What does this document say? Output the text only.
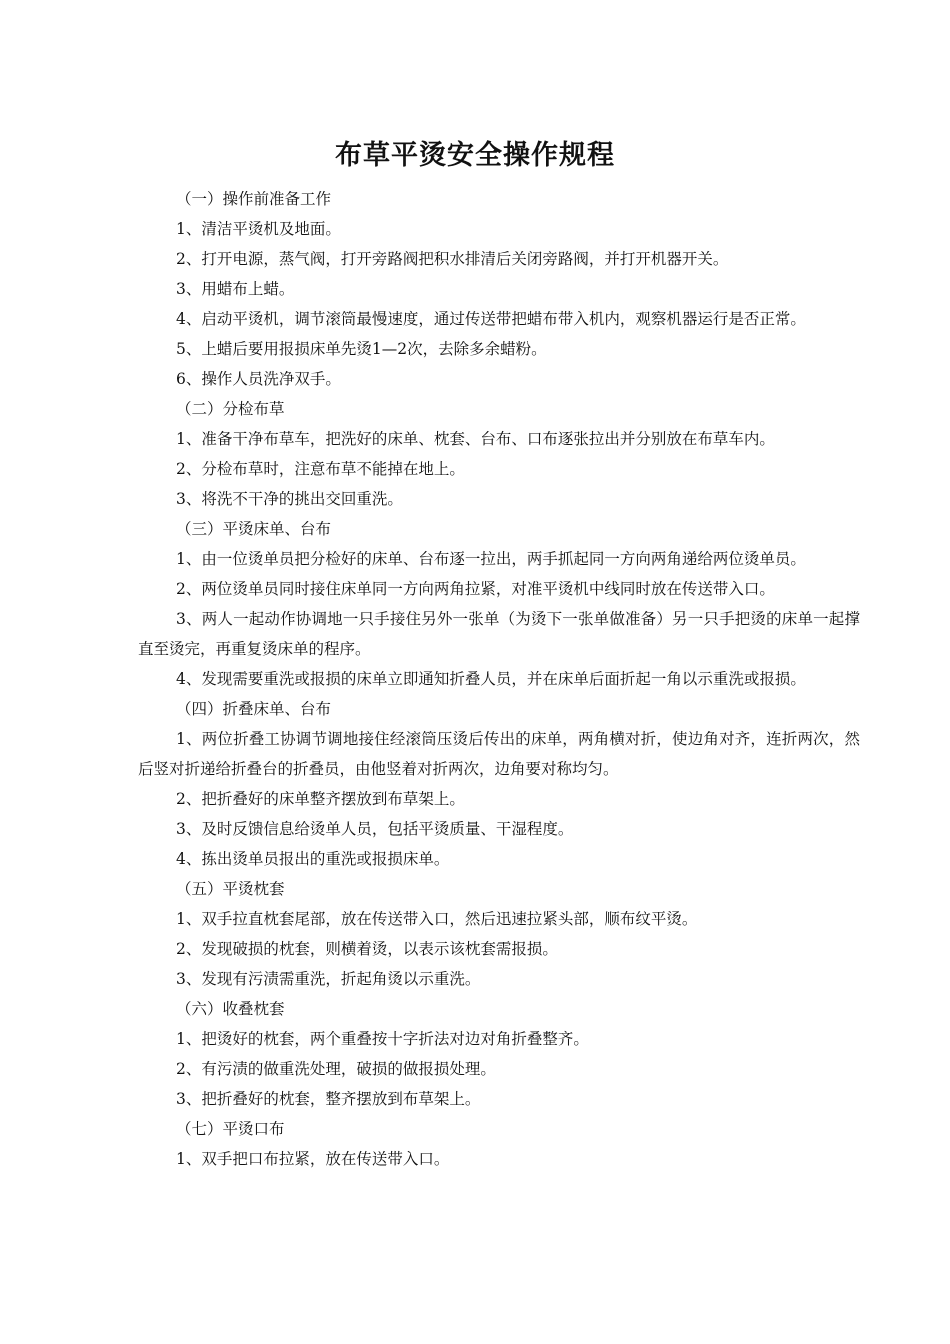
布草平烫安全操作规程

（一）操作前准备工作

1、清洁平烫机及地面。

2、打开电源，蒸气阀，打开旁路阀把积水排清后关闭旁路阀，并打开机器开关。

3、用蜡布上蜡。

4、启动平烫机，调节滚筒最慢速度，通过传送带把蜡布带入机内，观察机器运行是否正常。

5、上蜡后要用报损床单先烫1—2次，去除多余蜡粉。

6、操作人员洗净双手。

（二）分检布草

1、准备干净布草车，把洗好的床单、枕套、台布、口布逐张拉出并分别放在布草车内。

2、分检布草时，注意布草不能掉在地上。

3、将洗不干净的挑出交回重洗。

（三）平烫床单、台布

1、由一位烫单员把分检好的床单、台布逐一拉出，两手抓起同一方向两角递给两位烫单员。

2、两位烫单员同时接住床单同一方向两角拉紧，对准平烫机中线同时放在传送带入口。

3、两人一起动作协调地一只手接住另外一张单（为烫下一张单做准备）另一只手把烫的床单一起撑直至烫完，再重复烫床单的程序。

4、发现需要重洗或报损的床单立即通知折叠人员，并在床单后面折起一角以示重洗或报损。

（四）折叠床单、台布

1、两位折叠工协调节调地接住经滚筒压烫后传出的床单，两角横对折，使边角对齐，连折两次，然后竖对折递给折叠台的折叠员，由他竖着对折两次，边角要对称均匀。

2、把折叠好的床单整齐摆放到布草架上。

3、及时反馈信息给烫单人员，包括平烫质量、干湿程度。

4、拣出烫单员报出的重洗或报损床单。

（五）平烫枕套

1、双手拉直枕套尾部，放在传送带入口，然后迅速拉紧头部，顺布纹平烫。

2、发现破损的枕套，则横着烫，以表示该枕套需报损。

3、发现有污渍需重洗，折起角烫以示重洗。

（六）收叠枕套

1、把烫好的枕套，两个重叠按十字折法对边对角折叠整齐。

2、有污渍的做重洗处理，破损的做报损处理。

3、把折叠好的枕套，整齐摆放到布草架上。

（七）平烫口布

1、双手把口布拉紧，放在传送带入口。
